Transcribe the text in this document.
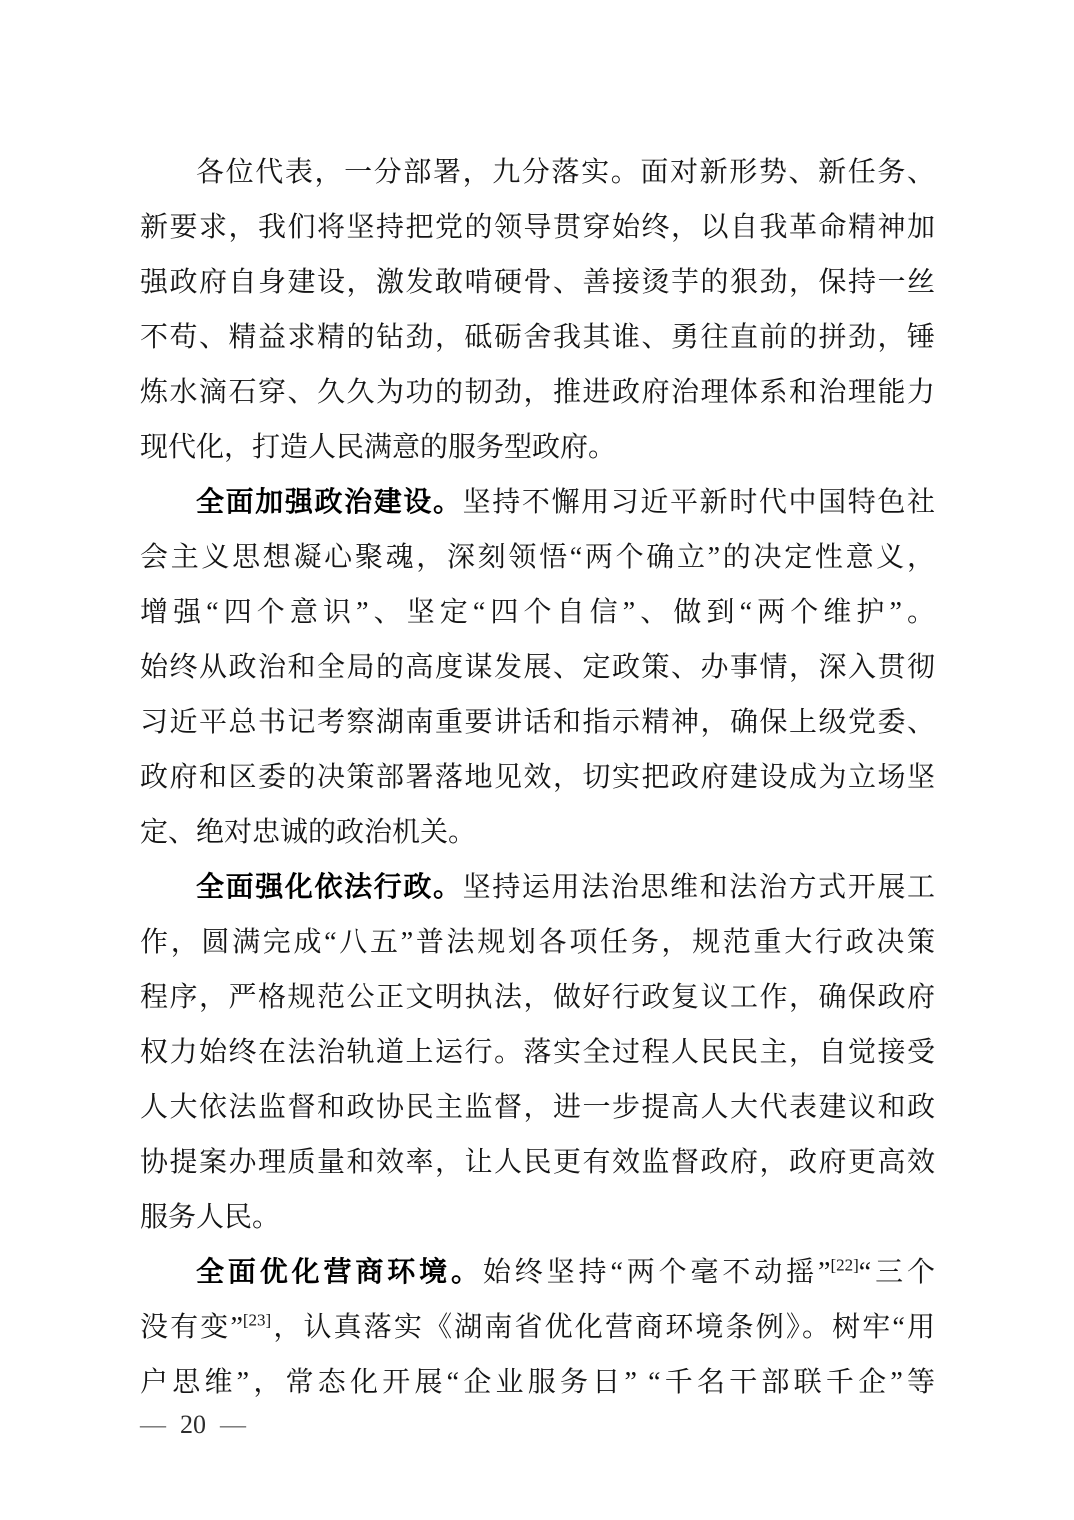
各位代表，一分部署，九分落实。面对新形势、新任务、
新要求，我们将坚持把党的领导贯穿始终，以自我革命精神加
强政府自身建设，激发敢啃硬骨、善接烫芋的狠劲，保持一丝
不苟、精益求精的钻劲，砥砺舍我其谁、勇往直前的拼劲，锤
炼水滴石穿、久久为功的韧劲，推进政府治理体系和治理能力
现代化，打造人民满意的服务型政府。
全面加强政治建设。坚持不懈用习近平新时代中国特色社
会主义思想凝心聚魂，深刻领悟“两个确立”的决定性意义，
增强“四个意识”、坚定“四个自信”、做到“两个维护”。
始终从政治和全局的高度谋发展、定政策、办事情，深入贯彻
习近平总书记考察湖南重要讲话和指示精神，确保上级党委、
政府和区委的决策部署落地见效，切实把政府建设成为立场坚
定、绝对忠诚的政治机关。
全面强化依法行政。坚持运用法治思维和法治方式开展工
作，圆满完成“八五”普法规划各项任务，规范重大行政决策
程序，严格规范公正文明执法，做好行政复议工作，确保政府
权力始终在法治轨道上运行。落实全过程人民民主，自觉接受
人大依法监督和政协民主监督，进一步提高人大代表建议和政
协提案办理质量和效率，让人民更有效监督政府，政府更高效
服务人民。
全面优化营商环境。始终坚持“两个毫不动摇”[22]“三个
没有变”[23]，认真落实《湖南省优化营商环境条例》。树牢“用
户思维”，常态化开展“企业服务日” “千名干部联千企”等
— 20 —
